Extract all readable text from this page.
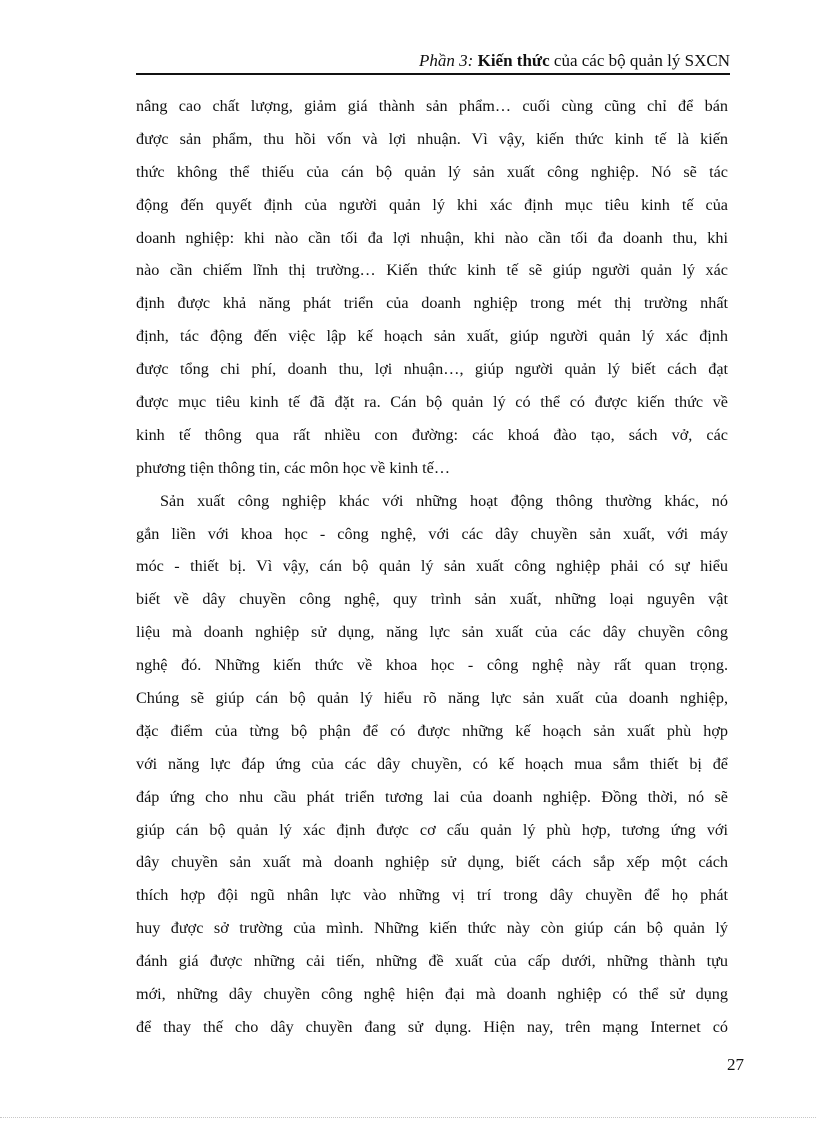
Phần 3: Kiến thức của các bộ quản lý SXCN
nâng cao chất lượng, giảm giá thành sản phẩm… cuối cùng cũng chỉ để bán
được sản phẩm, thu hồi vốn và lợi nhuận. Vì vậy, kiến thức kinh tế là kiến
thức không thể thiếu của cán bộ quản lý sản xuất công nghiệp. Nó sẽ tác
động đến quyết định của người quản lý khi xác định mục tiêu kinh tế của
doanh nghiệp: khi nào cần tối đa lợi nhuận, khi nào cần tối đa doanh thu, khi
nào cần chiếm lĩnh thị trường… Kiến thức kinh tế sẽ giúp người quản lý xác
định được khả năng phát triển của doanh nghiệp trong mét thị trường nhất
định, tác động đến việc lập kế hoạch sản xuất, giúp người quản lý xác định
được tổng chi phí, doanh thu, lợi nhuận…, giúp người quản lý biết cách đạt
được mục tiêu kinh tế đã đặt ra. Cán bộ quản lý có thể có được kiến thức về
kinh tế thông qua rất nhiều con đường: các khoá đào tạo, sách vở, các
phương tiện thông tin, các môn học về kinh tế…
Sản xuất công nghiệp khác với những hoạt động thông thường khác, nó
gắn liền với khoa học - công nghệ, với các dây chuyền sản xuất, với máy
móc - thiết bị. Vì vậy, cán bộ quản lý sản xuất công nghiệp phải có sự hiểu
biết về dây chuyền công nghệ, quy trình sản xuất, những loại nguyên vật
liệu mà doanh nghiệp sử dụng, năng lực sản xuất của các dây chuyền công
nghệ đó. Những kiến thức về khoa học - công nghệ này rất quan trọng.
Chúng sẽ giúp cán bộ quản lý hiểu rõ năng lực sản xuất của doanh nghiệp,
đặc điểm của từng bộ phận để có được những kế hoạch sản xuất phù hợp
với năng lực đáp ứng của các dây chuyền, có kế hoạch mua sắm thiết bị để
đáp ứng cho nhu cầu phát triển tương lai của doanh nghiệp. Đồng thời, nó sẽ
giúp cán bộ quản lý xác định được cơ cấu quản lý phù hợp, tương ứng với
dây chuyền sản xuất mà doanh nghiệp sử dụng, biết cách sắp xếp một cách
thích hợp đội ngũ nhân lực vào những vị trí trong dây chuyền để họ phát
huy được sở trường của mình. Những kiến thức này còn giúp cán bộ quản lý
đánh giá được những cải tiến, những đề xuất của cấp dưới, những thành tựu
mới, những dây chuyền công nghệ hiện đại mà doanh nghiệp có thể sử dụng
để thay thế cho dây chuyền đang sử dụng. Hiện nay, trên mạng Internet có
27
